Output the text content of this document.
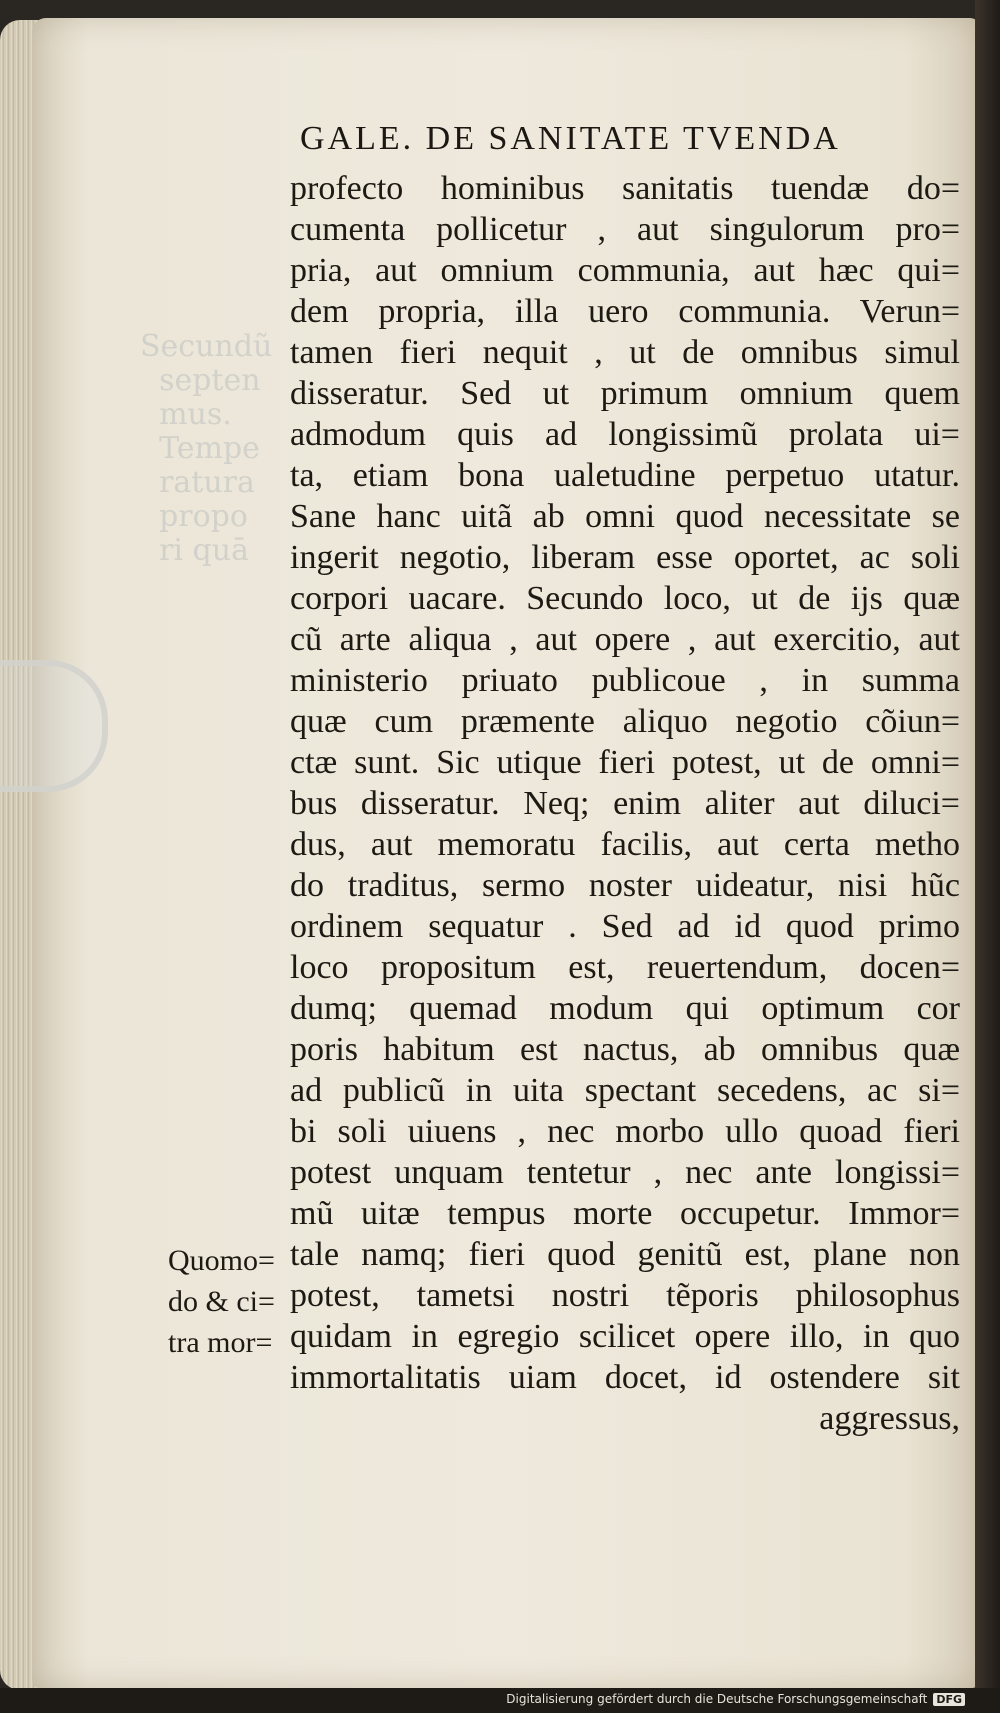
Secundũ
septen
mus.
Tempe
ratura
propo
ri quā
GALE. DE SANITATE TVENDA
profecto hominibus sanitatis tuendæ do=
cumenta pollicetur , aut singulorum pro=
pria, aut omnium communia, aut hæc qui=
dem propria, illa uero communia. Verun=
tamen fieri nequit , ut de omnibus simul
disseratur. Sed ut primum omnium quem
admodum quis ad longissimũ prolata ui=
ta, etiam bona ualetudine perpetuo utatur.
Sane hanc uitã ab omni quod necessitate se
ingerit negotio, liberam esse oportet, ac soli
corpori uacare. Secundo loco, ut de ijs quæ
cũ arte aliqua , aut opere , aut exercitio, aut
ministerio priuato publicoue , in summa
quæ cum præmente aliquo negotio cõiun=
ctæ sunt. Sic utique fieri potest, ut de omni=
bus disseratur. Neq; enim aliter aut diluci=
dus, aut memoratu facilis, aut certa metho
do traditus, sermo noster uideatur, nisi hũc
ordinem sequatur . Sed ad id quod primo
loco propositum est, reuertendum, docen=
dumq; quemad modum qui optimum cor
poris habitum est nactus, ab omnibus quæ
ad publicũ in uita spectant secedens, ac si=
bi soli uiuens , nec morbo ullo quoad fieri
potest unquam tentetur , nec ante longissi=
mũ uitæ tempus morte occupetur. Immor=
tale namq; fieri quod genitũ est, plane non
potest, tametsi nostri tẽporis philosophus
quidam in egregio scilicet opere illo, in quo
immortalitatis uiam docet, id ostendere sit
aggressus,
Quomo=
do & ci=
tra mor=
Digitalisierung gefördert durch die Deutsche Forschungsgemeinschaft DFG
